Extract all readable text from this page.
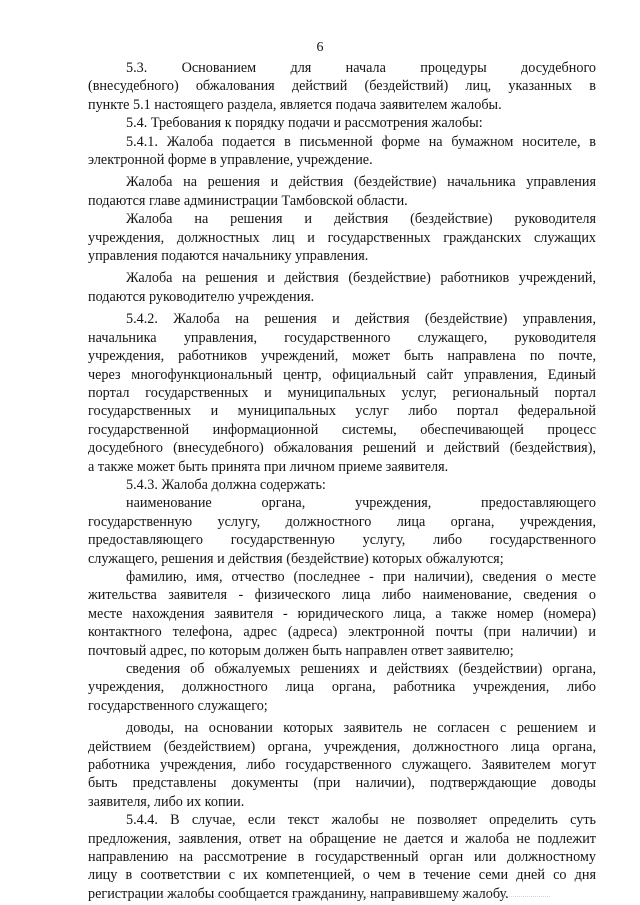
6

5.3. Основанием для начала процедуры досудебного
(внесудебного) обжалования действий (бездействий) лиц, указанных в
пункте 5.1 настоящего раздела, является подача заявителем жалобы.

5.4. Требования к порядку подачи и рассмотрения жалобы:

5.4.1. Жалоба подается в письменной форме на бумажном носителе, в
электронной форме в управление, учреждение.

Жалоба на решения и действия (бездействие) начальника управления
подаются главе администрации Тамбовской области.

Жалоба на решения и действия (бездействие) руководителя
учреждения, должностных лиц и государственных гражданских служащих
управления подаются начальнику управления.

Жалоба на решения и действия (бездействие) работников учреждений,
подаются руководителю учреждения.

5.4.2. Жалоба на решения и действия (бездействие) управления,
начальника управления, государственного служащего, руководителя
учреждения, работников учреждений, может быть направлена по почте,
через многофункциональный центр, официальный сайт управления, Единый
портал государственных и муниципальных услуг, региональный портал
государственных и муниципальных услуг либо портал федеральной
государственной информационной системы, обеспечивающей процесс
досудебного (внесудебного) обжалования решений и действий (бездействия),
а также может быть принята при личном приеме заявителя.

5.4.3. Жалоба должна содержать:

наименование органа, учреждения, предоставляющего
государственную услугу, должностного лица органа, учреждения,
предоставляющего государственную услугу, либо государственного
служащего, решения и действия (бездействие) которых обжалуются;

фамилию, имя, отчество (последнее - при наличии), сведения о месте
жительства заявителя - физического лица либо наименование, сведения о
месте нахождения заявителя - юридического лица, а также номер (номера)
контактного телефона, адрес (адреса) электронной почты (при наличии) и
почтовый адрес, по которым должен быть направлен ответ заявителю;

сведения об обжалуемых решениях и действиях (бездействии) органа,
учреждения, должностного лица органа, работника учреждения, либо
государственного служащего;

доводы, на основании которых заявитель не согласен с решением и
действием (бездействием) органа, учреждения, должностного лица органа,
работника учреждения, либо государственного служащего. Заявителем могут
быть представлены документы (при наличии), подтверждающие доводы
заявителя, либо их копии.

5.4.4. В случае, если текст жалобы не позволяет определить суть
предложения, заявления, ответ на обращение не дается и жалоба не подлежит
направлению на рассмотрение в государственный орган или должностному
лицу в соответствии с их компетенцией, о чем в течение семи дней со дня
регистрации жалобы сообщается гражданину, направившему жалобу.
